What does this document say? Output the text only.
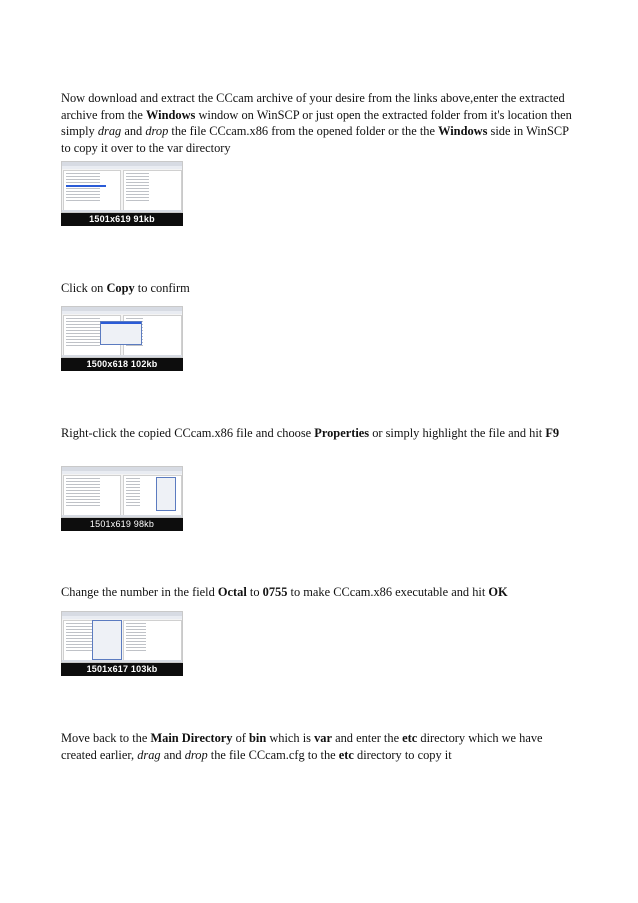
Now download and extract the CCcam archive of your desire from the links above,enter the extracted archive from the Windows window on WinSCP or just open the extracted folder from it's location then simply drag and drop the file CCcam.x86 from the opened folder or the the Windows side in WinSCP to copy it over to the var directory

1501x619 91kb

Click on Copy to confirm

1500x618 102kb

Right-click the copied CCcam.x86 file and choose Properties or simply highlight the file and hit F9

1501x619 98kb

Change the number in the field Octal to 0755 to make CCcam.x86 executable and hit OK

1501x617 103kb

Move back to the Main Directory of bin which is var and enter the etc directory which we have created earlier, drag and drop the file CCcam.cfg to the etc directory to copy it
